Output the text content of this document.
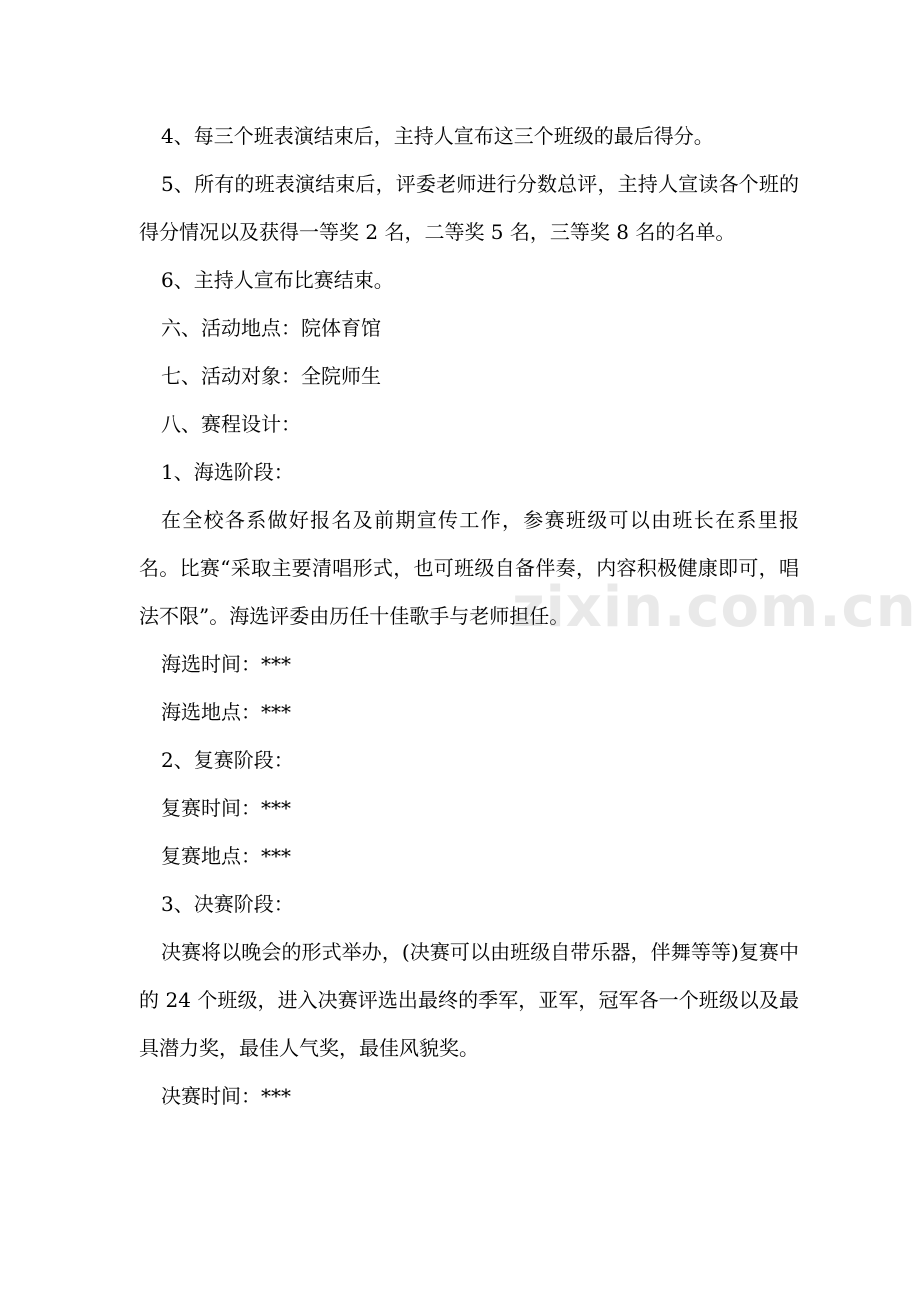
4、每三个班表演结束后，主持人宣布这三个班级的最后得分。

5、所有的班表演结束后，评委老师进行分数总评，主持人宣读各个班的得分情况以及获得一等奖 2 名，二等奖 5 名，三等奖 8 名的名单。

6、主持人宣布比赛结束。

六、活动地点：院体育馆

七、活动对象：全院师生

八、赛程设计：

1、海选阶段：

在全校各系做好报名及前期宣传工作，参赛班级可以由班长在系里报名。比赛“采取主要清唱形式，也可班级自备伴奏，内容积极健康即可，唱法不限”。海选评委由历任十佳歌手与老师担任。

海选时间：***

海选地点：***

2、复赛阶段：

复赛时间：***

复赛地点：***

3、决赛阶段：

决赛将以晚会的形式举办，(决赛可以由班级自带乐器，伴舞等等)复赛中的 24 个班级，进入决赛评选出最终的季军，亚军，冠军各一个班级以及最具潜力奖，最佳人气奖，最佳风貌奖。

决赛时间：***

zixin.com.cn
